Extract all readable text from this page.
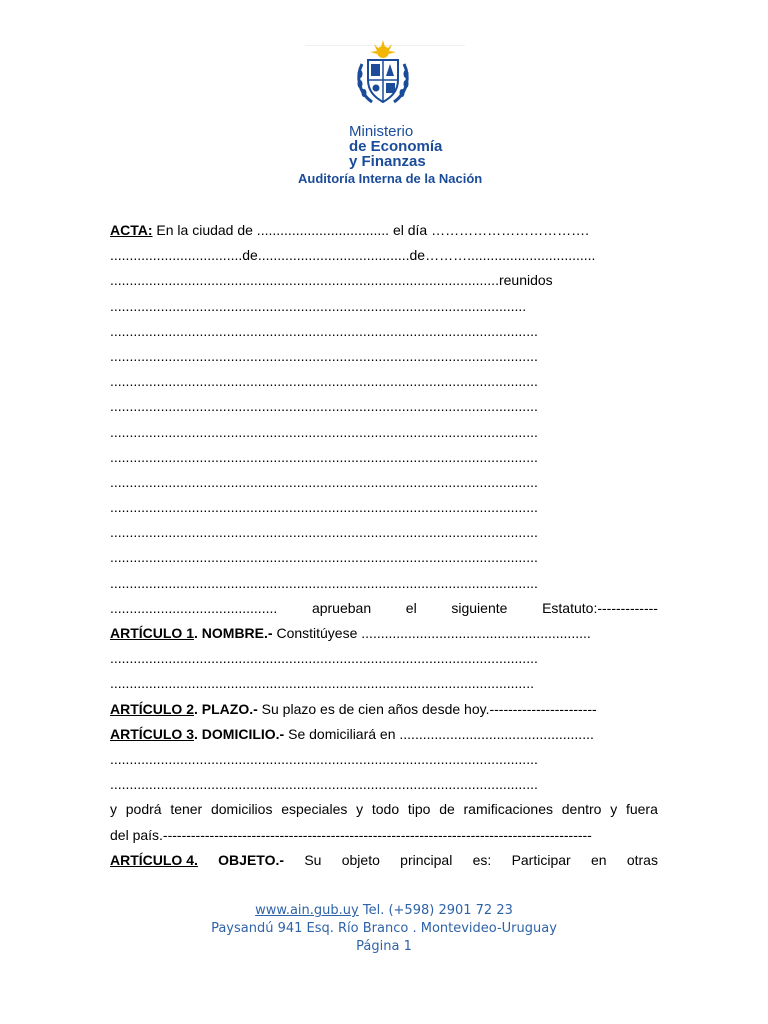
Ministerio
de Economía
y Finanzas
Auditoría Interna de la Nación
ACTA: En la ciudad de .................................. el día …………………………….
..................................de.......................................de……….................................
....................................................................................................reunidos
...........................................................................................................
..............................................................................................................
..............................................................................................................
..............................................................................................................
..............................................................................................................
..............................................................................................................
..............................................................................................................
..............................................................................................................
..............................................................................................................
..............................................................................................................
..............................................................................................................
..............................................................................................................
........................................... aprueban el siguiente Estatuto:-------------
ARTÍCULO 1. NOMBRE.- Constitúyese ...........................................................
..............................................................................................................
.............................................................................................................
ARTÍCULO 2. PLAZO.- Su plazo es de cien años desde hoy.-----------------------
ARTÍCULO 3. DOMICILIO.- Se domiciliará en ..................................................
..............................................................................................................
..............................................................................................................
y podrá tener domicilios especiales y todo tipo de ramificaciones dentro y fuera
del país.--------------------------------------------------------------------------------------------
ARTÍCULO 4. OBJETO.- Su objeto principal es: Participar en otras
www.ain.gub.uy Tel. (+598) 2901 72 23
Paysandú 941 Esq. Río Branco . Montevideo-Uruguay
Página 1
